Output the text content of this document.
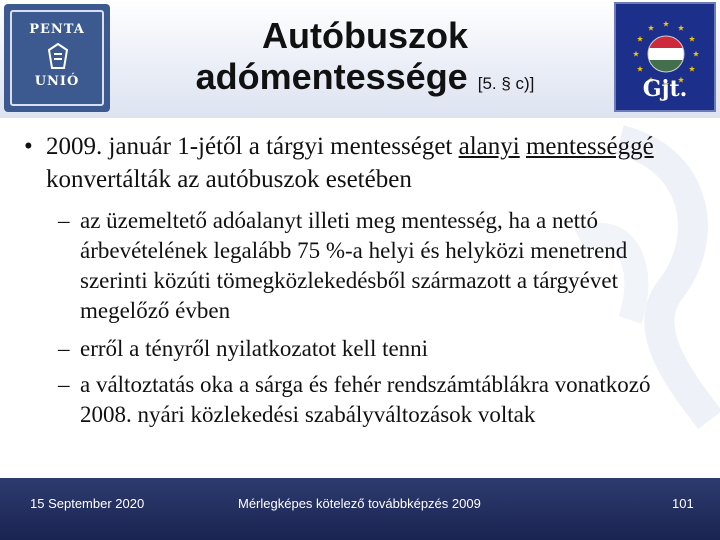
PENTA
UNIÓ
Autóbuszok
adómentessége [5. § c)]	Gjt.
• 2009. január 1-jétől a tárgyi mentességet alanyi mentességgé konvertálták az autóbuszok esetében
– az üzemeltető adóalanyt illeti meg mentesség, ha a nettó árbevételének legalább 75 %-a helyi és helyközi menetrend szerinti közúti tömegközlekedésből származott a tárgyévet megelőző évben
– erről a tényről nyilatkozatot kell tenni
– a változtatás oka a sárga és fehér rendszámtáblákra vonatkozó 2008. nyári közlekedési szabályváltozások voltak
15 September 2020	Mérlegképes kötelező továbbképzés 2009	101
